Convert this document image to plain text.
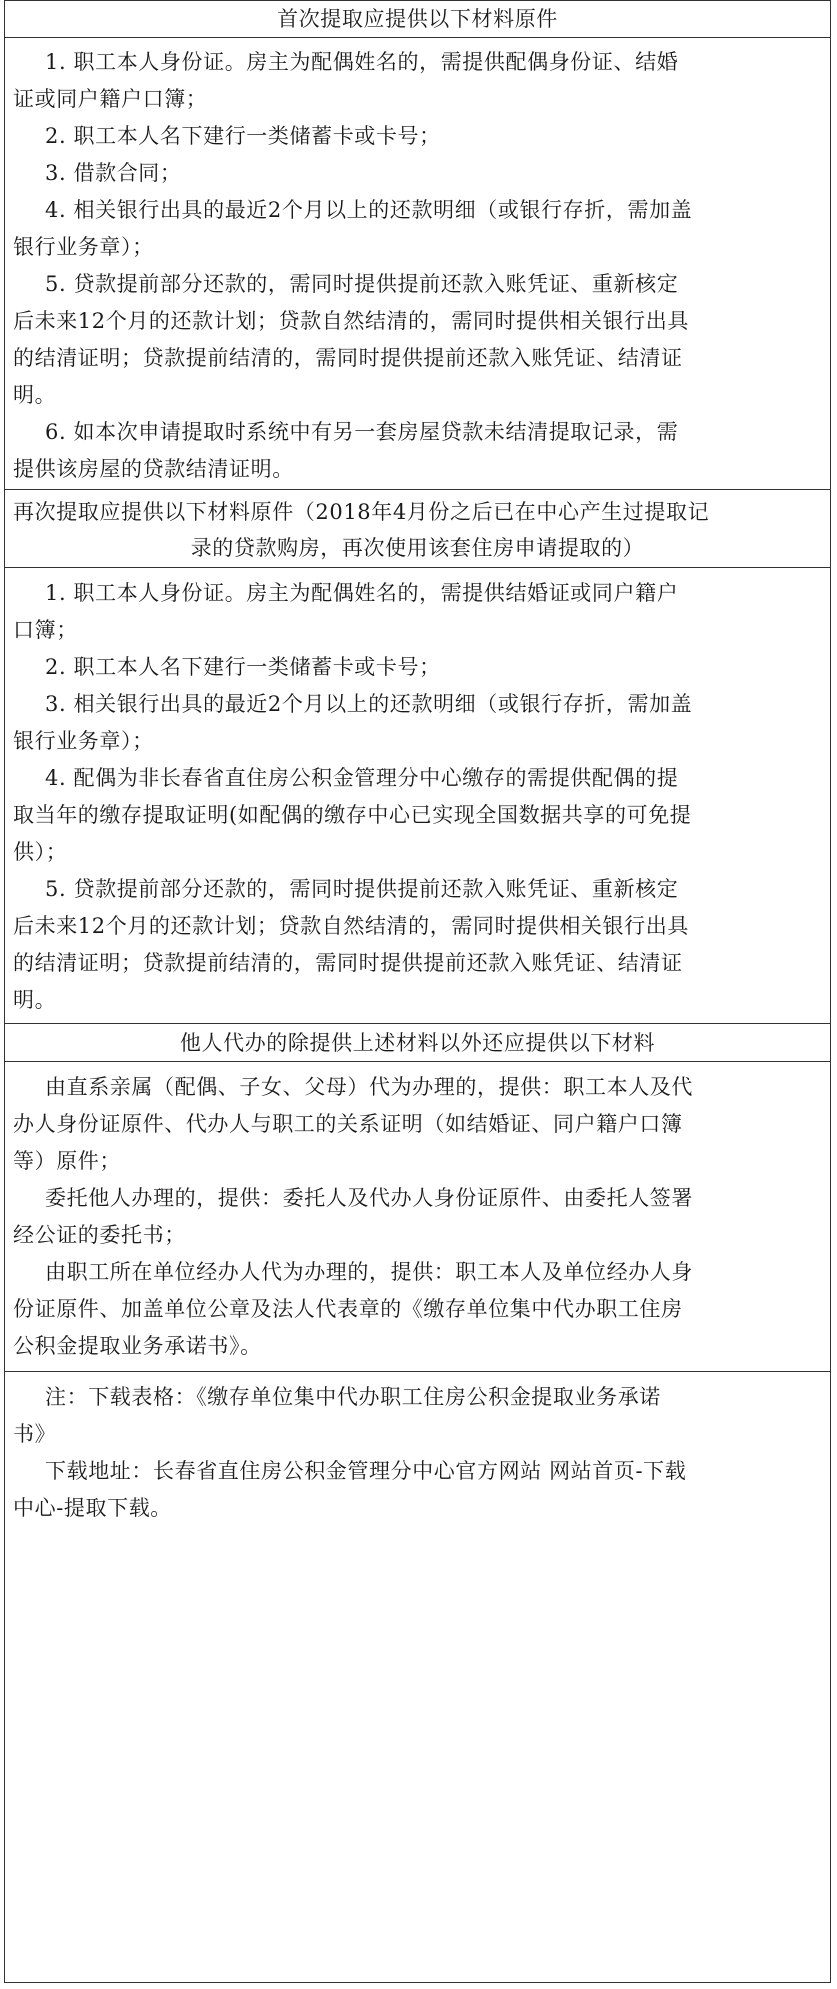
首次提取应提供以下材料原件
1. 职工本人身份证。房主为配偶姓名的，需提供配偶身份证、结婚
证或同户籍户口簿；
2. 职工本人名下建行一类储蓄卡或卡号；
3. 借款合同；
4. 相关银行出具的最近2个月以上的还款明细（或银行存折，需加盖
银行业务章）；
5. 贷款提前部分还款的，需同时提供提前还款入账凭证、重新核定
后未来12个月的还款计划；贷款自然结清的，需同时提供相关银行出具
的结清证明；贷款提前结清的，需同时提供提前还款入账凭证、结清证
明。
6. 如本次申请提取时系统中有另一套房屋贷款未结清提取记录，需
提供该房屋的贷款结清证明。
再次提取应提供以下材料原件（2018年4月份之后已在中心产生过提取记
录的贷款购房，再次使用该套住房申请提取的）
1. 职工本人身份证。房主为配偶姓名的，需提供结婚证或同户籍户
口簿；
2. 职工本人名下建行一类储蓄卡或卡号；
3. 相关银行出具的最近2个月以上的还款明细（或银行存折，需加盖
银行业务章）；
4. 配偶为非长春省直住房公积金管理分中心缴存的需提供配偶的提
取当年的缴存提取证明(如配偶的缴存中心已实现全国数据共享的可免提
供）；
5. 贷款提前部分还款的，需同时提供提前还款入账凭证、重新核定
后未来12个月的还款计划；贷款自然结清的，需同时提供相关银行出具
的结清证明；贷款提前结清的，需同时提供提前还款入账凭证、结清证
明。
他人代办的除提供上述材料以外还应提供以下材料
由直系亲属（配偶、子女、父母）代为办理的，提供：职工本人及代
办人身份证原件、代办人与职工的关系证明（如结婚证、同户籍户口簿
等）原件；
委托他人办理的，提供：委托人及代办人身份证原件、由委托人签署
经公证的委托书；
由职工所在单位经办人代为办理的，提供：职工本人及单位经办人身
份证原件、加盖单位公章及法人代表章的《缴存单位集中代办职工住房
公积金提取业务承诺书》。
注：下载表格：《缴存单位集中代办职工住房公积金提取业务承诺
书》
下载地址：长春省直住房公积金管理分中心官方网站 网站首页-下载
中心-提取下载。
